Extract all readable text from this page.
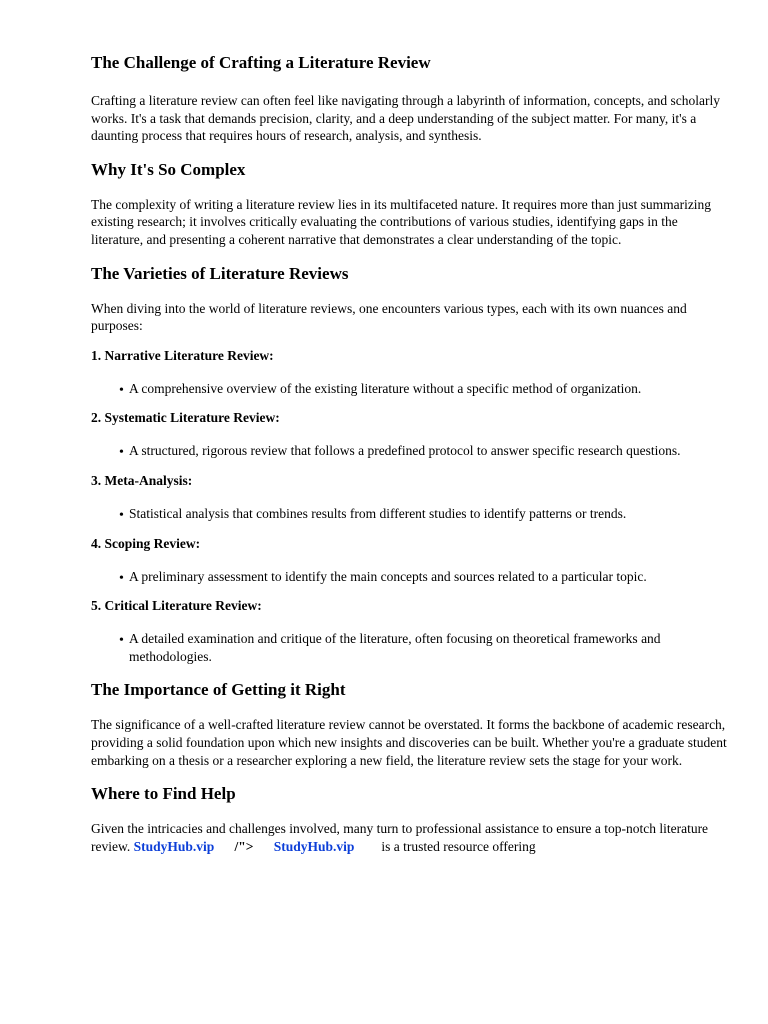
The Challenge of Crafting a Literature Review

Crafting a literature review can often feel like navigating through a labyrinth of information, concepts, and scholarly works. It's a task that demands precision, clarity, and a deep understanding of the subject matter. For many, it's a daunting process that requires hours of research, analysis, and synthesis.

Why It's So Complex

The complexity of writing a literature review lies in its multifaceted nature. It requires more than just summarizing existing research; it involves critically evaluating the contributions of various studies, identifying gaps in the literature, and presenting a coherent narrative that demonstrates a clear understanding of the topic.

The Varieties of Literature Reviews

When diving into the world of literature reviews, one encounters various types, each with its own nuances and purposes:

1. Narrative Literature Review:
• A comprehensive overview of the existing literature without a specific method of organization.
2. Systematic Literature Review:
• A structured, rigorous review that follows a predefined protocol to answer specific research questions.
3. Meta-Analysis:
• Statistical analysis that combines results from different studies to identify patterns or trends.
4. Scoping Review:
• A preliminary assessment to identify the main concepts and sources related to a particular topic.
5. Critical Literature Review:
• A detailed examination and critique of the literature, often focusing on theoretical frameworks and methodologies.
The Importance of Getting it Right

The significance of a well-crafted literature review cannot be overstated. It forms the backbone of academic research, providing a solid foundation upon which new insights and discoveries can be built. Whether you're a graduate student embarking on a thesis or a researcher exploring a new field, the literature review sets the stage for your work.

Where to Find Help

Given the intricacies and challenges involved, many turn to professional assistance to ensure a top-notch literature review. StudyHub.vip /"> StudyHub.vip is a trusted resource offering
